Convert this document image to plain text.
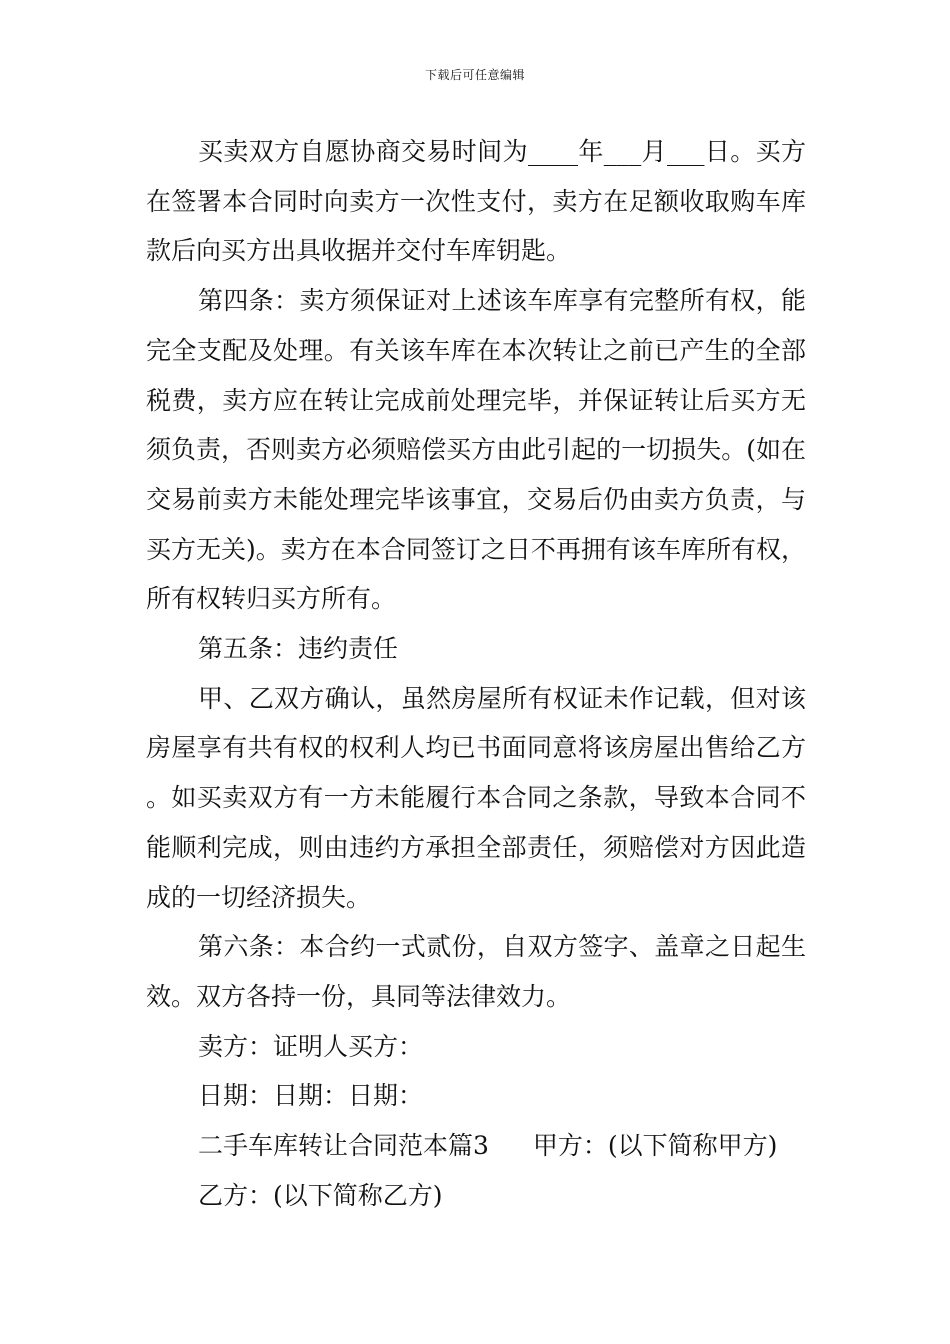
下载后可任意编辑

买卖双方自愿协商交易时间为____年___月___日。买方在签署本合同时向卖方一次性支付，卖方在足额收取购车库款后向买方出具收据并交付车库钥匙。

第四条：卖方须保证对上述该车库享有完整所有权，能完全支配及处理。有关该车库在本次转让之前已产生的全部税费，卖方应在转让完成前处理完毕，并保证转让后买方无须负责，否则卖方必须赔偿买方由此引起的一切损失。(如在交易前卖方未能处理完毕该事宜，交易后仍由卖方负责，与买方无关)。卖方在本合同签订之日不再拥有该车库所有权，所有权转归买方所有。

第五条：违约责任

甲、乙双方确认，虽然房屋所有权证未作记载，但对该房屋享有共有权的权利人均已书面同意将该房屋出售给乙方。如买卖双方有一方未能履行本合同之条款，导致本合同不能顺利完成，则由违约方承担全部责任，须赔偿对方因此造成的一切经济损失。

第六条：本合约一式贰份，自双方签字、盖章之日起生效。双方各持一份，具同等法律效力。

卖方：证明人买方：

日期：日期：日期：

二手车库转让合同范本篇3 甲方：(以下简称甲方)

乙方：(以下简称乙方)
